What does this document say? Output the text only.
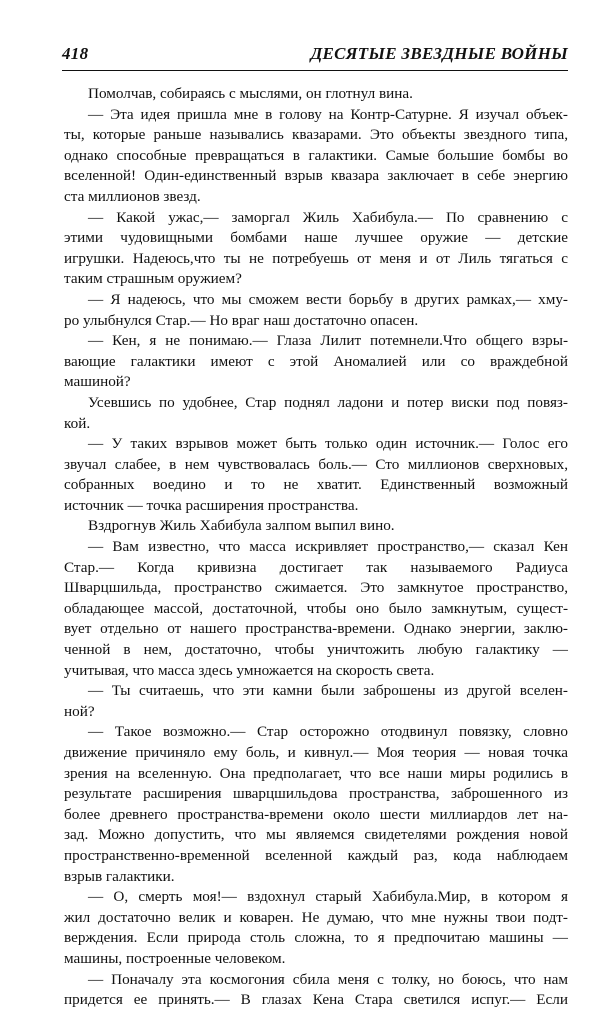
418	ДЕСЯТЫЕ ЗВЕЗДНЫЕ ВОЙНЫ
Помолчав, собираясь с мыслями, он глотнул вина.
— Эта идея пришла мне в голову на Контр-Сатурне. Я изучал объек-
ты, которые раньше назывались квазарами. Это объекты звездного типа,
однако способные превращаться в галактики. Самые большие бомбы во
вселенной! Один-единственный взрыв квазара заключает в себе энергию
ста миллионов звезд.
— Какой ужас,— заморгал Жиль Хабибула.— По сравнению с
этими чудовищными бомбами наше лучшее оружие — детские
игрушки. Надеюсь,что ты не потребуешь от меня и от Лиль тягаться с
таким страшным оружием?
— Я надеюсь, что мы сможем вести борьбу в других рамках,— хму-
ро улыбнулся Стар.— Но враг наш достаточно опасен.
— Кен, я не понимаю.— Глаза Лилит потемнели.Что общего взры-
вающие галактики имеют с этой Аномалией или со враждебной
машиной?
Усевшись по удобнее, Стар поднял ладони и потер виски под повяз-
кой.
— У таких взрывов может быть только один источник.— Голос его
звучал слабее, в нем чувствовалась боль.— Сто миллионов сверхновых,
собранных воедино и то не хватит. Единственный возможный
источник — точка расширения пространства.
Вздрогнув Жиль Хабибула залпом выпил вино.
— Вам известно, что масса искривляет пространство,— сказал Кен
Стар.— Когда кривизна достигает так называемого Радиуса
Шварцшильда, пространство сжимается. Это замкнутое пространство,
обладающее массой, достаточной, чтобы оно было замкнутым, сущест-
вует отдельно от нашего пространства-времени. Однако энергии, заклю-
ченной в нем, достаточно, чтобы уничтожить любую галактику —
учитывая, что масса здесь умножается на скорость света.
— Ты считаешь, что эти камни были заброшены из другой вселен-
ной?
— Такое возможно.— Стар осторожно отодвинул повязку, словно
движение причиняло ему боль, и кивнул.— Моя теория — новая точка
зрения на вселенную. Она предполагает, что все наши миры родились в
результате расширения шварцшильдова пространства, заброшенного из
более древнего пространства-времени около шести миллиардов лет на-
зад. Можно допустить, что мы являемся свидетелями рождения новой
пространственно-временной вселенной каждый раз, кода наблюдаем
взрыв галактики.
— О, смерть моя!— вздохнул старый Хабибула.Мир, в котором я
жил достаточно велик и коварен. Не думаю, что мне нужны твои подт-
верждения. Если природа столь сложна, то я предпочитаю машины —
машины, построенные человеком.
— Поначалу эта космогония сбила меня с толку, но боюсь, что нам
придется ее принять.— В глазах Кена Стара светился испуг.— Если
